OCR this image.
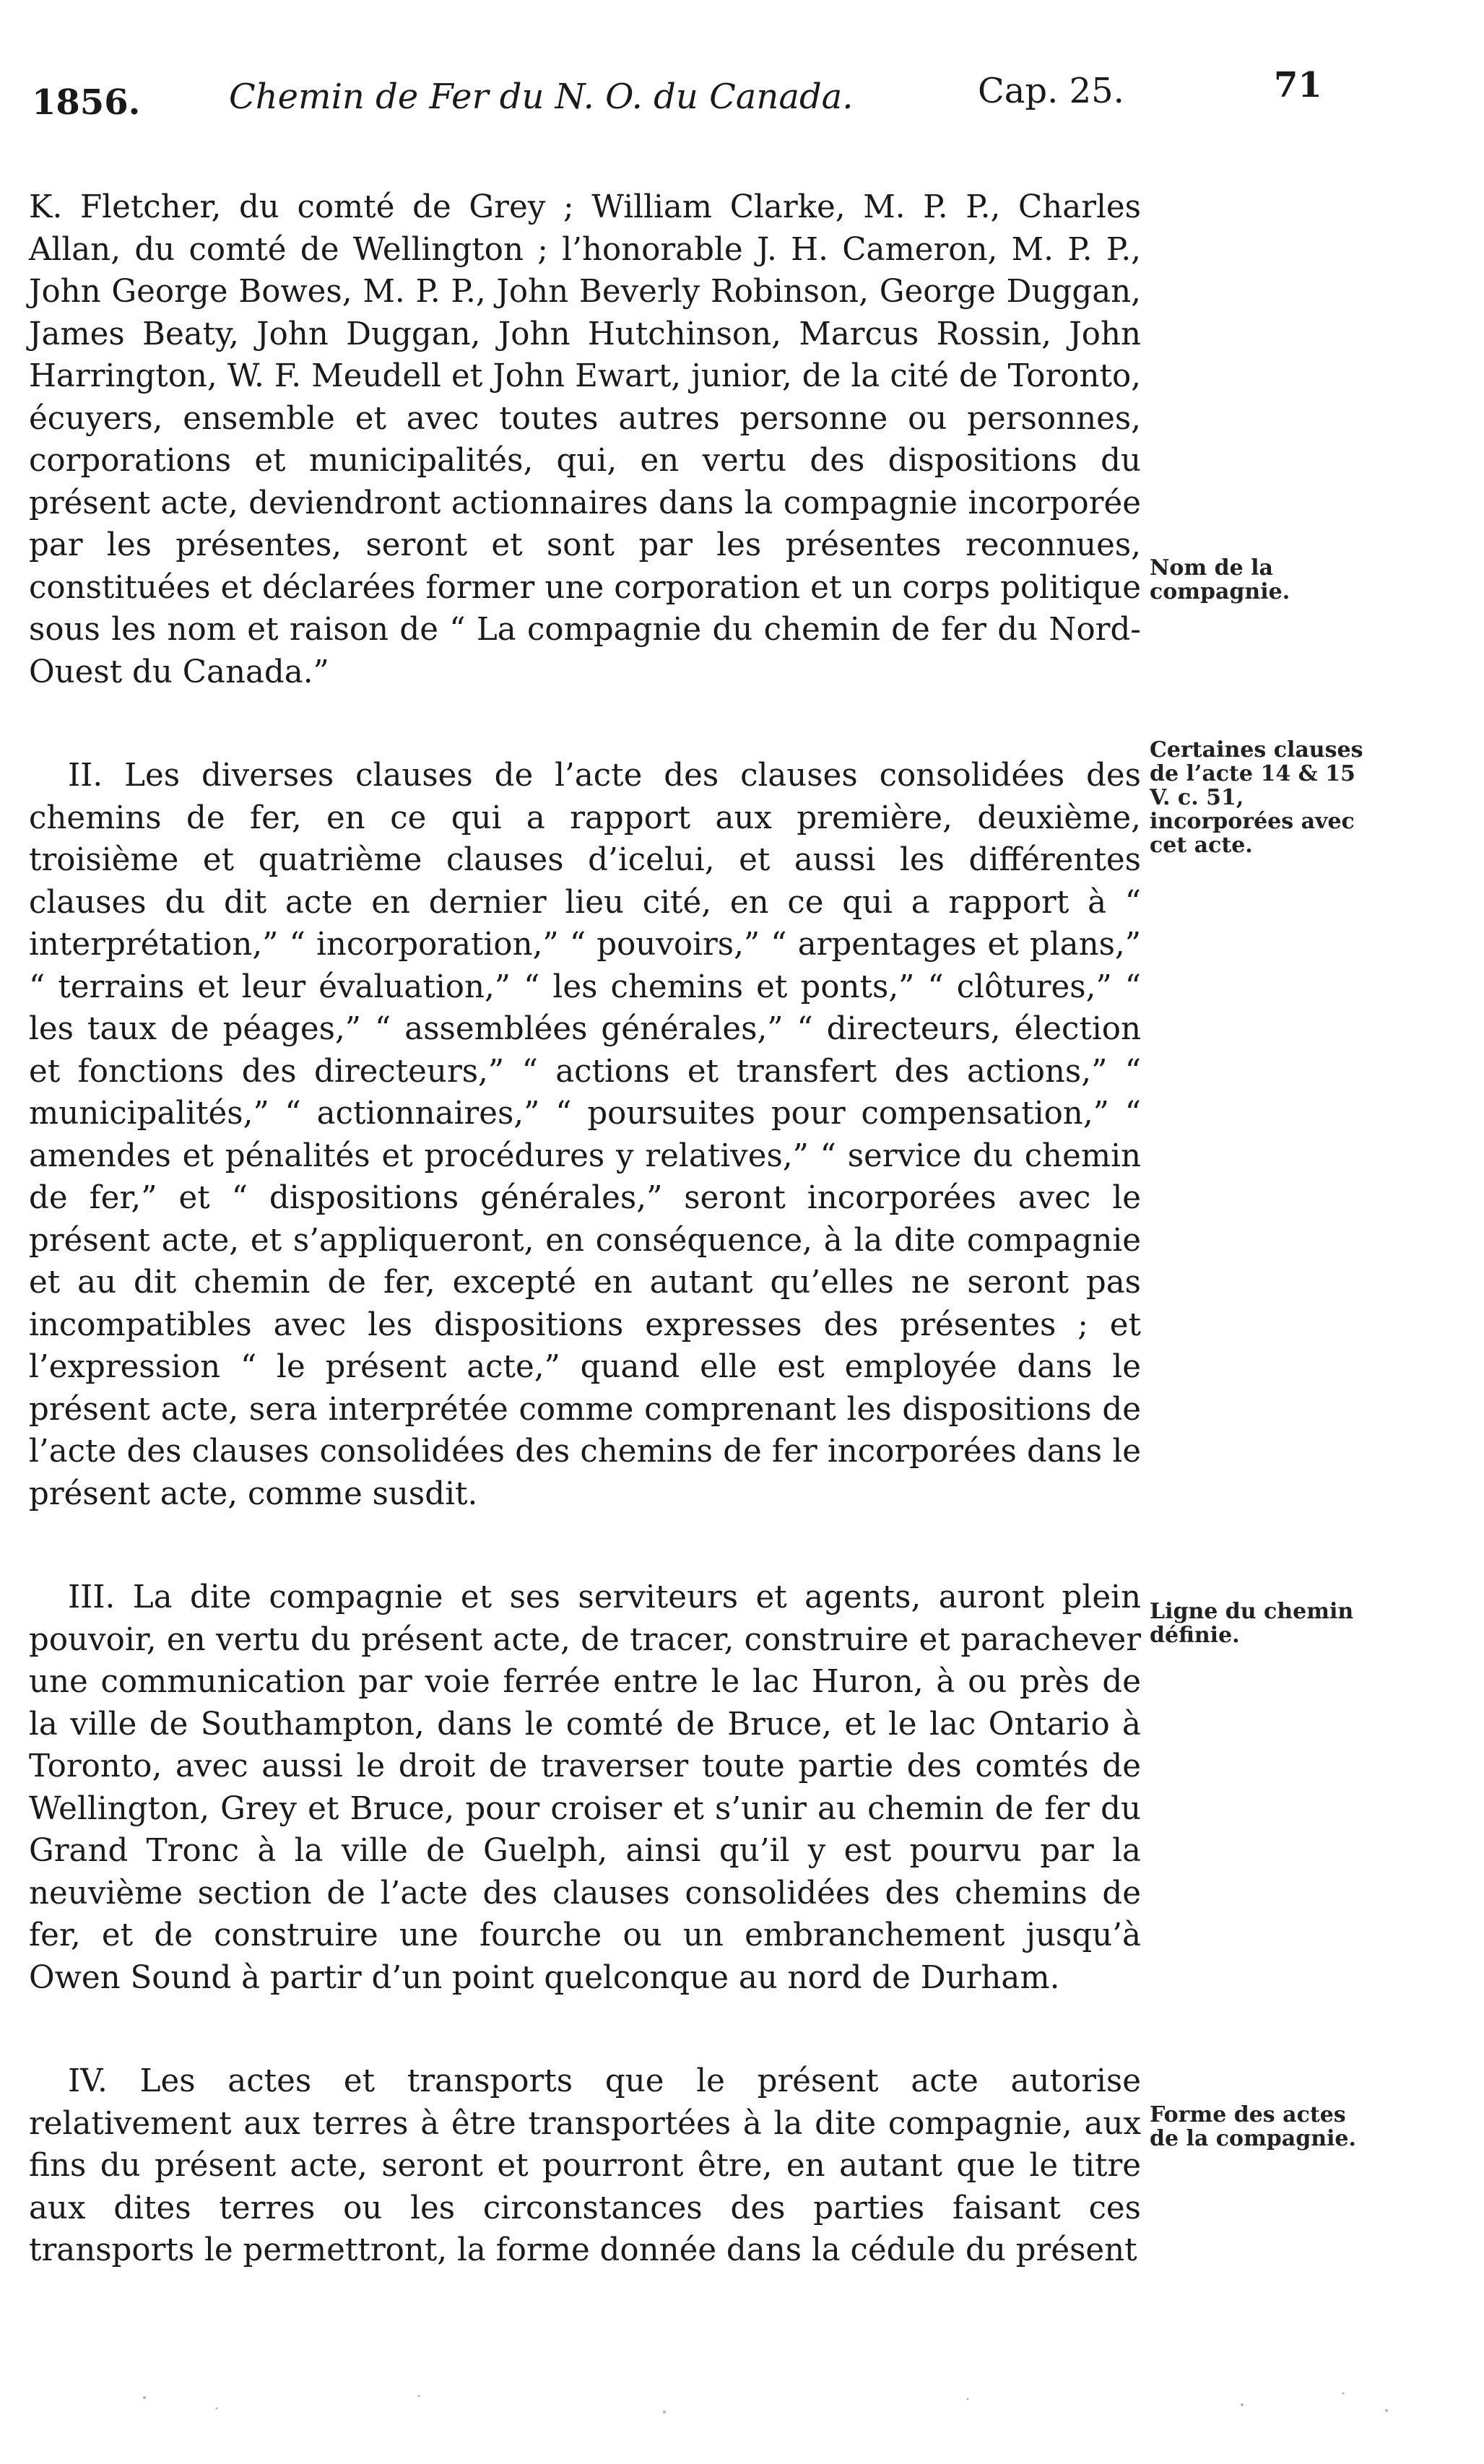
1856.	Chemin de Fer du N. O. du Canada.	Cap. 25.	71

K. Fletcher, du comté de Grey ; William Clarke, M. P. P., Charles Allan, du comté de Wellington ; l’honorable J. H. Cameron, M. P. P., John George Bowes, M. P. P., John Beverly Robinson, George Duggan, James Beaty, John Duggan, John Hutchinson, Marcus Rossin, John Harrington, W. F. Meudell et John Ewart, junior, de la cité de Toronto, écuyers, ensemble et avec toutes autres personne ou personnes, corporations et municipalités, qui, en vertu des dispositions du présent acte, deviendront actionnaires dans la compagnie incorporée par les présentes, seront et sont par les présentes reconnues, constituées et déclarées former une corporation et un corps politique sous les nom et raison de “ La compagnie du chemin de fer du Nord-Ouest du Canada.”

II. Les diverses clauses de l’acte des clauses consolidées des chemins de fer, en ce qui a rapport aux première, deuxième, troisième et quatrième clauses d’icelui, et aussi les différentes clauses du dit acte en dernier lieu cité, en ce qui a rapport à “ interprétation,” “ incorporation,” “ pouvoirs,” “ arpentages et plans,” “ terrains et leur évaluation,” “ les chemins et ponts,” “ clôtures,” “ les taux de péages,” “ assemblées générales,” “ directeurs, élection et fonctions des directeurs,” “ actions et transfert des actions,” “ municipalités,” “ actionnaires,” “ poursuites pour compensation,” “ amendes et pénalités et procédures y relatives,” “ service du chemin de fer,” et “ dispositions générales,” seront incorporées avec le présent acte, et s’appliqueront, en conséquence, à la dite compagnie et au dit chemin de fer, excepté en autant qu’elles ne seront pas incompatibles avec les dispositions expresses des présentes ; et l’expression “ le présent acte,” quand elle est employée dans le présent acte, sera interprétée comme comprenant les dispositions de l’acte des clauses consolidées des chemins de fer incorporées dans le présent acte, comme susdit.

III. La dite compagnie et ses serviteurs et agents, auront plein pouvoir, en vertu du présent acte, de tracer, construire et parachever une communication par voie ferrée entre le lac Huron, à ou près de la ville de Southampton, dans le comté de Bruce, et le lac Ontario à Toronto, avec aussi le droit de traverser toute partie des comtés de Wellington, Grey et Bruce, pour croiser et s’unir au chemin de fer du Grand Tronc à la ville de Guelph, ainsi qu’il y est pourvu par la neuvième section de l’acte des clauses consolidées des chemins de fer, et de construire une fourche ou un embranchement jusqu’à Owen Sound à partir d’un point quelconque au nord de Durham.

IV. Les actes et transports que le présent acte autorise relativement aux terres à être transportées à la dite compagnie, aux fins du présent acte, seront et pourront être, en autant que le titre aux dites terres ou les circonstances des parties faisant ces transports le permettront, la forme donnée dans la cédule du présent

Nom de la compagnie.
Certaines clauses de l’acte 14 & 15 V. c. 51, incorporées avec cet acte.
Ligne du chemin définie.
Forme des actes de la compagnie.
